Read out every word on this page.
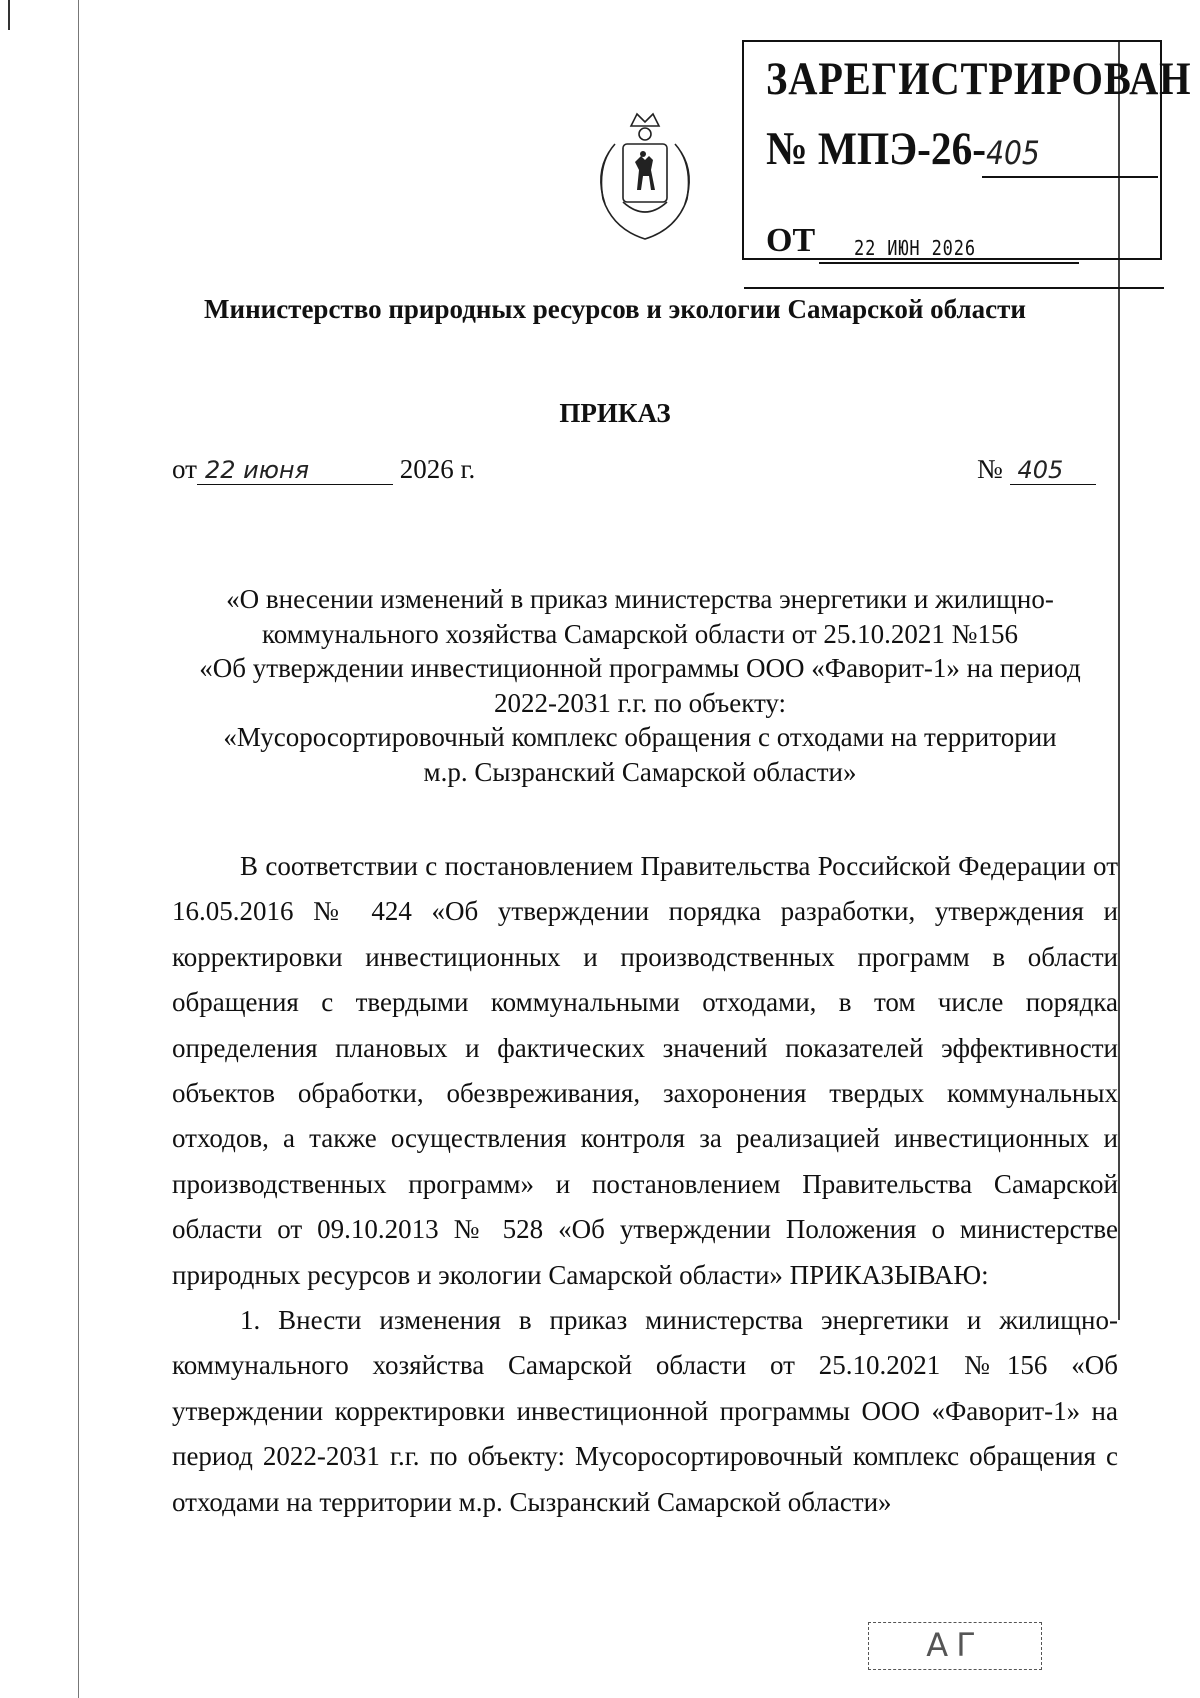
ЗАРЕГИСТРИРОВАН
№ МПЭ-26-405
ОТ 22 ИЮН 2026
Министерство природных ресурсов и экологии Самарской области
ПРИКАЗ
от 22 июня	2026 г.	№ 405
«О внесении изменений в приказ министерства энергетики и жилищно-
коммунального хозяйства Самарской области от 25.10.2021 №156
«Об утверждении инвестиционной программы ООО «Фаворит-1» на период
2022-2031 г.г. по объекту:
«Мусоросортировочный комплекс обращения с отходами на территории
м.р. Сызранский Самарской области»

В соответствии с постановлением Правительства Российской Федерации от 16.05.2016 № 424 «Об утверждении порядка разработки, утверждения и корректировки инвестиционных и производственных программ в области обращения с твердыми коммунальными отходами, в том числе порядка определения плановых и фактических значений показателей эффективности объектов обработки, обезвреживания, захоронения твердых коммунальных отходов, а также осуществления контроля за реализацией инвестиционных и производственных программ» и постановлением Правительства Самарской области от 09.10.2013 № 528 «Об утверждении Положения о министерстве природных ресурсов и экологии Самарской области» ПРИКАЗЫВАЮ:

1. Внести изменения в приказ министерства энергетики и жилищно-коммунального хозяйства Самарской области от 25.10.2021 №156 «Об утверждении корректировки инвестиционной программы ООО «Фаворит-1» на период 2022-2031 г.г. по объекту: Мусоросортировочный комплекс обращения с отходами на территории м.р. Сызранский Самарской области»

АГ
